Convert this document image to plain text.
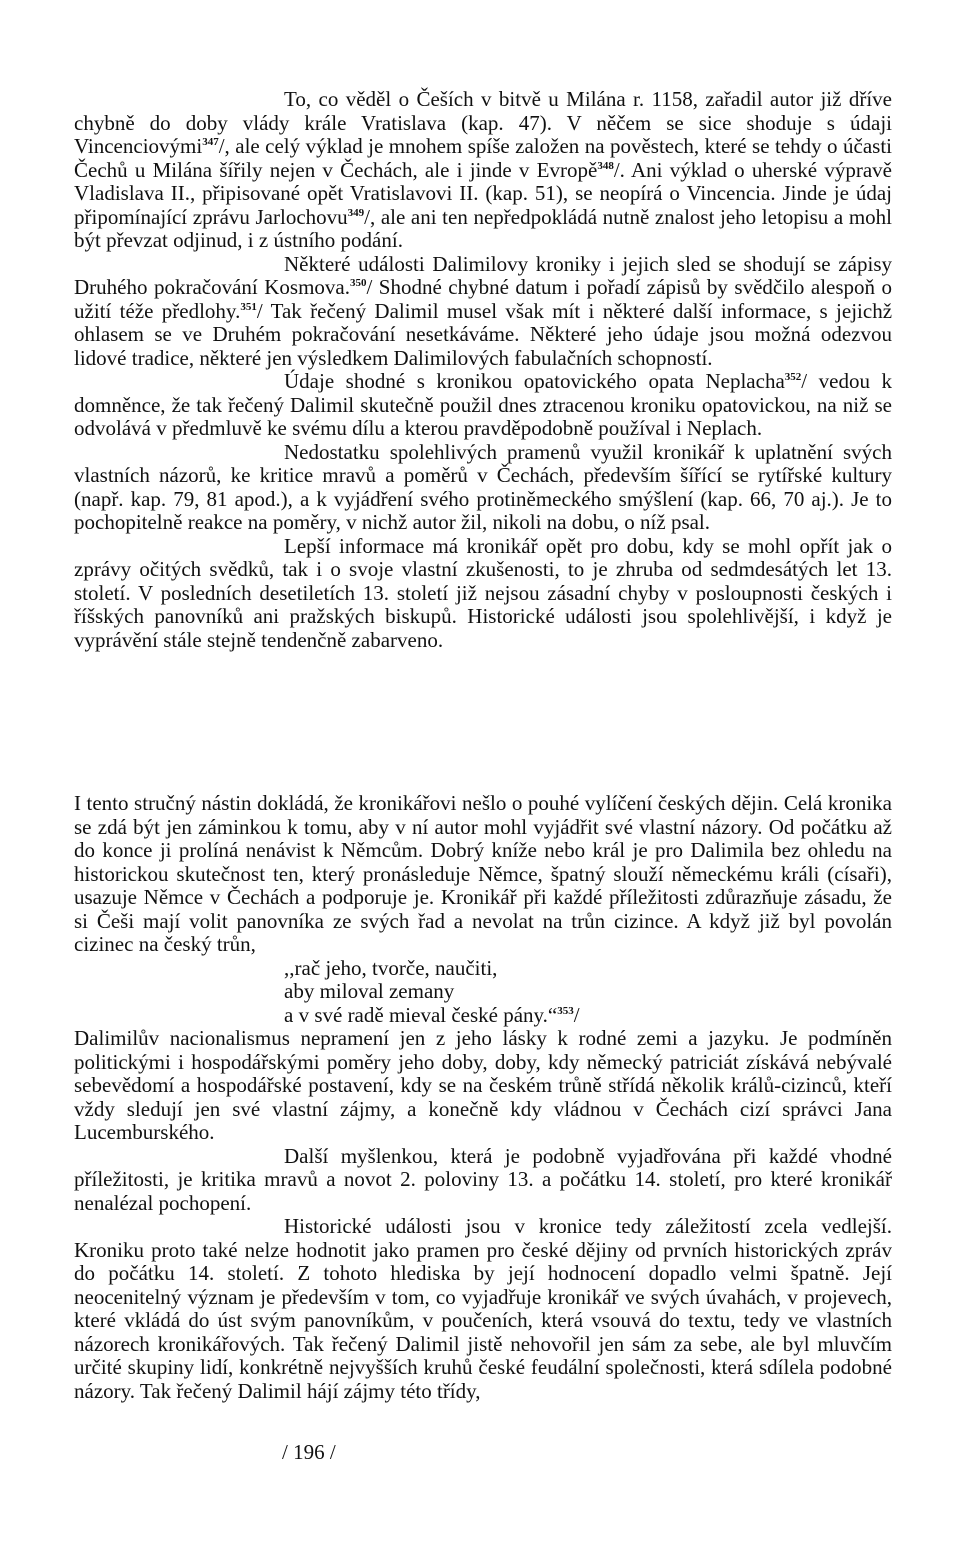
To, co věděl o Češích v bitvě u Milána r. 1158, zařadil autor již dříve chybně do doby vlády krále Vratislava (kap. 47). V něčem se sice shoduje s údaji Vincenciovými$^{347}$/, ale celý výklad je mnohem spíše založen na pověstech, které se tehdy o účasti Čechů u Milána šířily nejen v Čechách, ale i jinde v Evropě$^{348}$/. Ani výklad o uherské výpravě Vladislava II., připisované opět Vratislavovi II. (kap. 51), se neopírá o Vincencia. Jinde je údaj připomínající zprávu Jarlochovu$^{349}$/, ale ani ten nepředpokládá nutně znalost jeho letopisu a mohl být převzat odjinud, i z ústního podání.

Některé události Dalimilovy kroniky i jejich sled se shodují se zápisy Druhého pokračování Kosmova.$^{350}$/ Shodné chybné datum i pořadí zápisů by svědčilo alespoň o užití téže předlohy.$^{351}$/ Tak řečený Dalimil musel však mít i některé další informace, s jejichž ohlasem se ve Druhém pokračování nesetkáváme. Některé jeho údaje jsou možná odezvou lidové tradice, některé jen výsledkem Dalimilových fabulačních schopností.

Údaje shodné s kronikou opatovického opata Neplacha$^{352}$/ vedou k domněnce, že tak řečený Dalimil skutečně použil dnes ztracenou kroniku opatovickou, na niž se odvolává v předmluvě ke svému dílu a kterou pravděpodobně používal i Neplach.

Nedostatku spolehlivých pramenů využil kronikář k uplatnění svých vlastních názorů, ke kritice mravů a poměrů v Čechách, především šířící se rytířské kultury (např. kap. 79, 81 apod.), a k vyjádření svého protiněmeckého smýšlení (kap. 66, 70 aj.). Je to pochopitelně reakce na poměry, v nichž autor žil, nikoli na dobu, o níž psal.

Lepší informace má kronikář opět pro dobu, kdy se mohl opřít jak o zprávy očitých svědků, tak i o svoje vlastní zkušenosti, to je zhruba od sedmdesátých let 13. století. V posledních desetiletích 13. století již nejsou zásadní chyby v posloupnosti českých i říšských panovníků ani pražských biskupů. Historické události jsou spolehlivější, i když je vyprávění stále stejně tendenčně zabarveno.

I tento stručný nástin dokládá, že kronikářovi nešlo o pouhé vylíčení českých dějin. Celá kronika se zdá být jen záminkou k tomu, aby v ní autor mohl vyjádřit své vlastní názory. Od počátku až do konce ji prolíná nenávist k Němcům. Dobrý kníže nebo král je pro Dalimila bez ohledu na historickou skutečnost ten, který pronásleduje Němce, špatný slouží německému králi (císaři), usazuje Němce v Čechách a podporuje je. Kronikář při každé příležitosti zdůrazňuje zásadu, že si Češi mají volit panovníka ze svých řad a nevolat na trůn cizince. A když již byl povolán cizinec na český trůn,

,,rač jeho, tvorče, naučiti,
aby miloval zemany
a v své radě mieval české pány.“$^{353}$/

Dalimilův nacionalismus nepramení jen z jeho lásky k rodné zemi a jazyku. Je podmíněn politickými i hospodářskými poměry jeho doby, doby, kdy německý patriciát získává nebývalé sebevědomí a hospodářské postavení, kdy se na českém trůně střídá několik králů-cizinců, kteří vždy sledují jen své vlastní zájmy, a konečně kdy vládnou v Čechách cizí správci Jana Lucemburského.

Další myšlenkou, která je podobně vyjadřována při každé vhodné příležitosti, je kritika mravů a novot 2. poloviny 13. a počátku 14. století, pro které kronikář nenalézal pochopení.

Historické události jsou v kronice tedy záležitostí zcela vedlejší. Kroniku proto také nelze hodnotit jako pramen pro české dějiny od prvních historických zpráv do počátku 14. století. Z tohoto hlediska by její hodnocení dopadlo velmi špatně. Její neocenitelný význam je především v tom, co vyjadřuje kronikář ve svých úvahách, v projevech, které vkládá do úst svým panovníkům, v poučeních, která vsouvá do textu, tedy ve vlastních názorech kronikářových. Tak řečený Dalimil jistě nehovořil jen sám za sebe, ale byl mluvčím určité skupiny lidí, konkrétně nejvyšších kruhů české feudální společnosti, která sdílela podobné názory. Tak řečený Dalimil hájí zájmy této třídy,

/ 196 /
